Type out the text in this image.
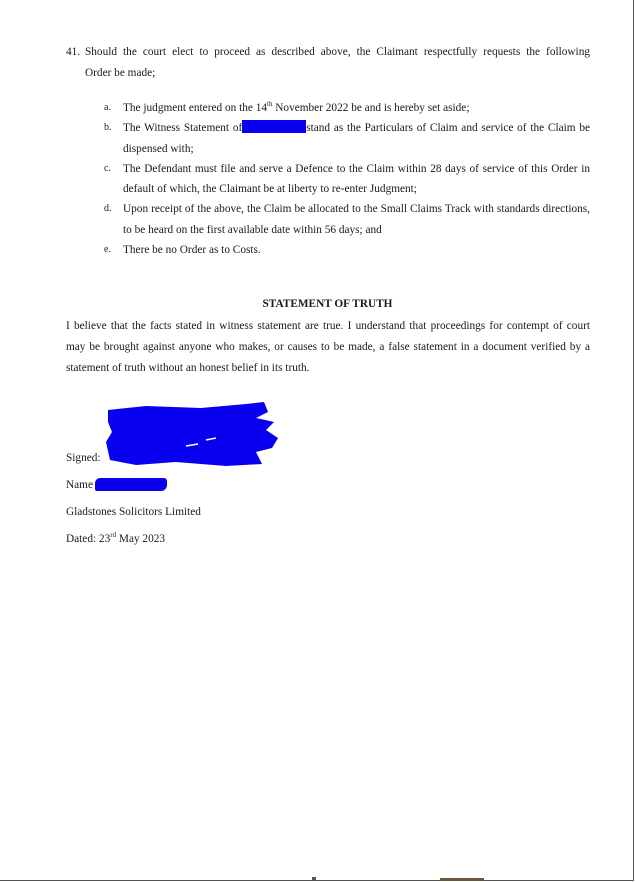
41. Should the court elect to proceed as described above, the Claimant respectfully requests the following
Order be made;
a.	The judgment entered on the 14th November 2022 be and is hereby set aside;
b.	The Witness Statement of	stand as the Particulars of Claim and service of the Claim be dispensed with;
c.	The Defendant must file and serve a Defence to the Claim within 28 days of service of this Order in default of which, the Claimant be at liberty to re-enter Judgment;
d.	Upon receipt of the above, the Claim be allocated to the Small Claims Track with standards directions, to be heard on the first available date within 56 days; and
e.	There be no Order as to Costs.
STATEMENT OF TRUTH
I believe that the facts stated in witness statement are true. I understand that proceedings for contempt of court
may be brought against anyone who makes, or causes to be made, a false statement in a document verified by a
statement of truth without an honest belief in its truth.
Signed:
Name
Gladstones Solicitors Limited
Dated: 23rd May 2023
